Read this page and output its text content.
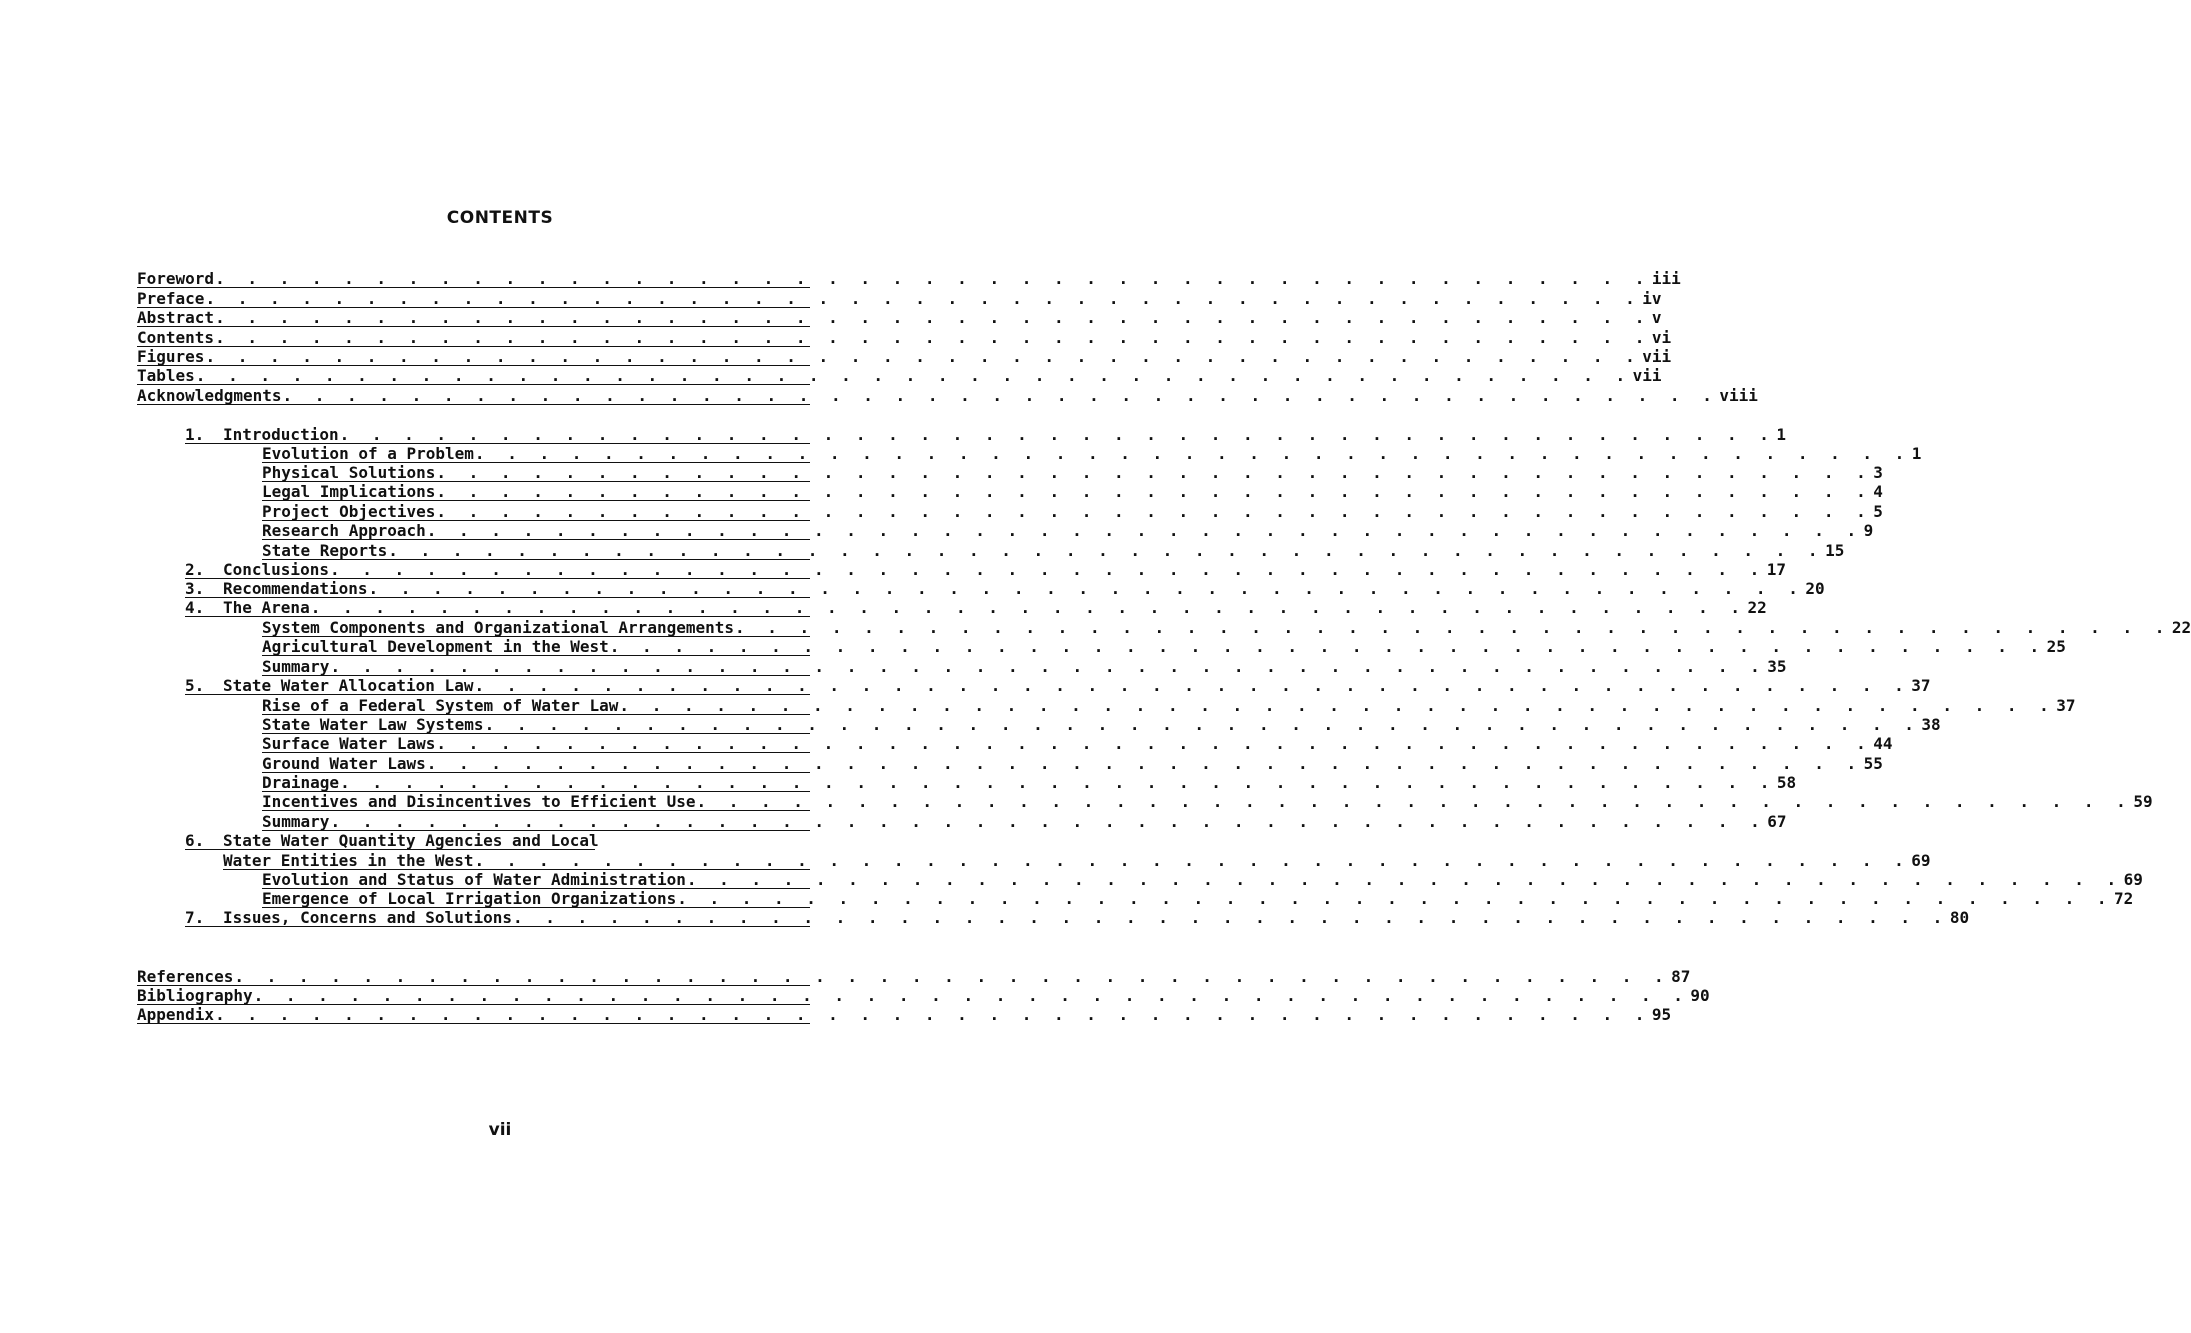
CONTENTS
Foreword . . . . . . . . . . . . . . . . . . . . . . . . . . . . . . . . . . . . . . . . . . . . . iii
Preface . . . . . . . . . . . . . . . . . . . . . . . . . . . . . . . . . . . . . . . . . . . . . iv
Abstract . . . . . . . . . . . . . . . . . . . . . . . . . . . . . . . . . . . . . . . . . . . . . v
Contents . . . . . . . . . . . . . . . . . . . . . . . . . . . . . . . . . . . . . . . . . . . . . vi
Figures . . . . . . . . . . . . . . . . . . . . . . . . . . . . . . . . . . . . . . . . . . . . . vii
Tables . . . . . . . . . . . . . . . . . . . . . . . . . . . . . . . . . . . . . . . . . . . . . vii
Acknowledgments . . . . . . . . . . . . . . . . . . . . . . . . . . . . . . . . . . . . . . . . . . . . . viii
1.	Introduction . . . . . . . . . . . . . . . . . . . . . . . . . . . . . . . . . . . . . . . . . . . . . 1
Evolution of a Problem . . . . . . . . . . . . . . . . . . . . . . . . . . . . . . . . . . . . . . . . . . . . . 1
Physical Solutions . . . . . . . . . . . . . . . . . . . . . . . . . . . . . . . . . . . . . . . . . . . . . 3
Legal Implications . . . . . . . . . . . . . . . . . . . . . . . . . . . . . . . . . . . . . . . . . . . . . 4
Project Objectives . . . . . . . . . . . . . . . . . . . . . . . . . . . . . . . . . . . . . . . . . . . . . 5
Research Approach . . . . . . . . . . . . . . . . . . . . . . . . . . . . . . . . . . . . . . . . . . . . . 9
State Reports . . . . . . . . . . . . . . . . . . . . . . . . . . . . . . . . . . . . . . . . . . . . . 15
2.	Conclusions . . . . . . . . . . . . . . . . . . . . . . . . . . . . . . . . . . . . . . . . . . . . . 17
3.	Recommendations . . . . . . . . . . . . . . . . . . . . . . . . . . . . . . . . . . . . . . . . . . . . . 20
4.	The Arena . . . . . . . . . . . . . . . . . . . . . . . . . . . . . . . . . . . . . . . . . . . . . 22
System Components and Organizational Arrangements . . . . . . . . . . . . . . . . . . . . . . . . . . . . . . . . . . . . . . . . . . . . . 22
Agricultural Development in the West . . . . . . . . . . . . . . . . . . . . . . . . . . . . . . . . . . . . . . . . . . . . . 25
Summary . . . . . . . . . . . . . . . . . . . . . . . . . . . . . . . . . . . . . . . . . . . . . 35
5.	State Water Allocation Law . . . . . . . . . . . . . . . . . . . . . . . . . . . . . . . . . . . . . . . . . . . . . 37
Rise of a Federal System of Water Law . . . . . . . . . . . . . . . . . . . . . . . . . . . . . . . . . . . . . . . . . . . . . 37
State Water Law Systems . . . . . . . . . . . . . . . . . . . . . . . . . . . . . . . . . . . . . . . . . . . . . 38
Surface Water Laws . . . . . . . . . . . . . . . . . . . . . . . . . . . . . . . . . . . . . . . . . . . . . 44
Ground Water Laws . . . . . . . . . . . . . . . . . . . . . . . . . . . . . . . . . . . . . . . . . . . . . 55
Drainage . . . . . . . . . . . . . . . . . . . . . . . . . . . . . . . . . . . . . . . . . . . . . 58
Incentives and Disincentives to Efficient Use . . . . . . . . . . . . . . . . . . . . . . . . . . . . . . . . . . . . . . . . . . . . . 59
Summary . . . . . . . . . . . . . . . . . . . . . . . . . . . . . . . . . . . . . . . . . . . . . 67
6.	State Water Quantity Agencies and Local
Water Entities in the West . . . . . . . . . . . . . . . . . . . . . . . . . . . . . . . . . . . . . . . . . . . . . 69
Evolution and Status of Water Administration . . . . . . . . . . . . . . . . . . . . . . . . . . . . . . . . . . . . . . . . . . . . . 69
Emergence of Local Irrigation Organizations . . . . . . . . . . . . . . . . . . . . . . . . . . . . . . . . . . . . . . . . . . . . . 72
7.	Issues, Concerns and Solutions . . . . . . . . . . . . . . . . . . . . . . . . . . . . . . . . . . . . . . . . . . . . . 80
References . . . . . . . . . . . . . . . . . . . . . . . . . . . . . . . . . . . . . . . . . . . . . 87
Bibliography . . . . . . . . . . . . . . . . . . . . . . . . . . . . . . . . . . . . . . . . . . . . . 90
Appendix . . . . . . . . . . . . . . . . . . . . . . . . . . . . . . . . . . . . . . . . . . . . . 95
vii
